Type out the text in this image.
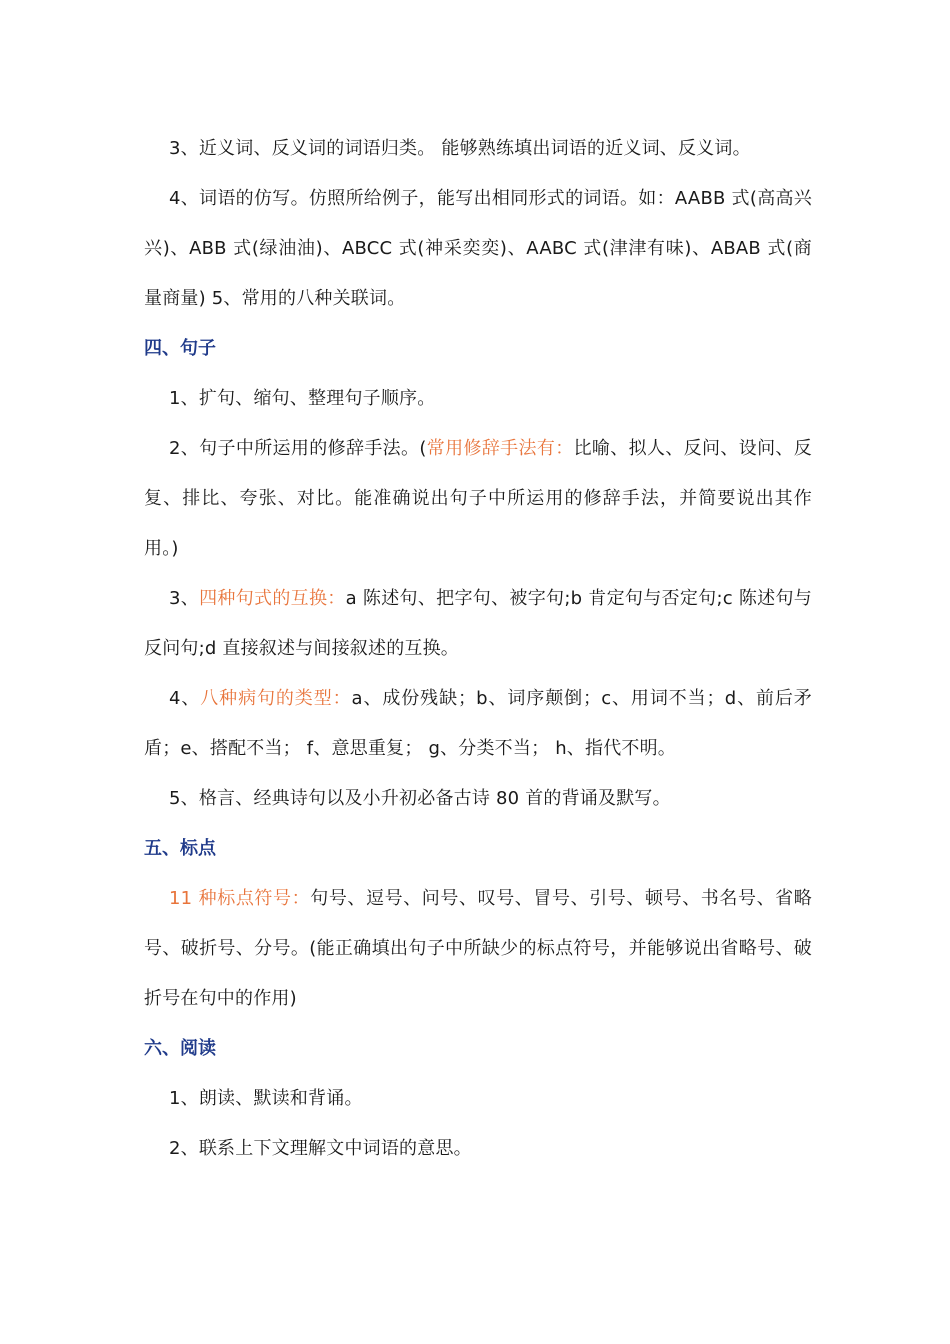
3、近义词、反义词的词语归类。 能够熟练填出词语的近义词、反义词。

4、词语的仿写。仿照所给例子，能写出相同形式的词语。如：AABB 式(高高兴兴)、ABB 式(绿油油)、ABCC 式(神采奕奕)、AABC 式(津津有味)、ABAB 式(商量商量) 5、常用的八种关联词。

四、句子

1、扩句、缩句、整理句子顺序。

2、句子中所运用的修辞手法。(常用修辞手法有：比喻、拟人、反问、设问、反复、排比、夸张、对比。能准确说出句子中所运用的修辞手法，并简要说出其作用。)

3、四种句式的互换：a 陈述句、把字句、被字句;b 肯定句与否定句;c 陈述句与反问句;d 直接叙述与间接叙述的互换。

4、八种病句的类型：a、成份残缺；b、词序颠倒；c、用词不当；d、前后矛盾；e、搭配不当； f、意思重复； g、分类不当； h、指代不明。

5、格言、经典诗句以及小升初必备古诗 80 首的背诵及默写。

五、标点

11 种标点符号：句号、逗号、问号、叹号、冒号、引号、顿号、书名号、省略号、破折号、分号。(能正确填出句子中所缺少的标点符号，并能够说出省略号、破折号在句中的作用)

六、阅读

1、朗读、默读和背诵。

2、联系上下文理解文中词语的意思。
